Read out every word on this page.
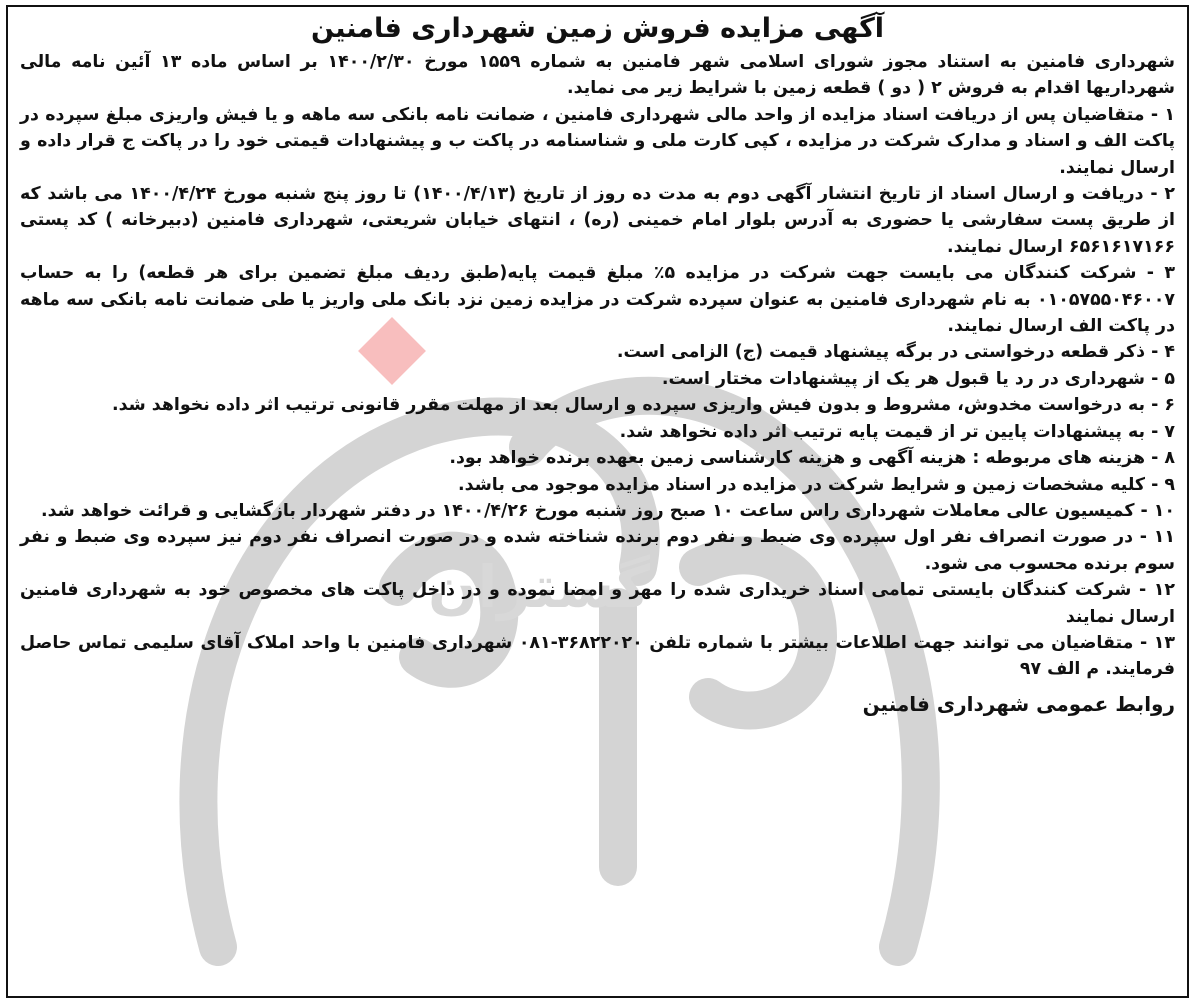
گستران
آگهی مزایده فروش زمین شهرداری فامنین

شهرداری فامنین به استناد مجوز شورای اسلامی شهر فامنین به شماره ۱۵۵۹ مورخ ۱۴۰۰/۲/۳۰ بر اساس ماده ۱۳ آئین نامه مالی شهرداریها اقدام به فروش ۲ ( دو ) قطعه زمین با شرایط زیر می نماید.

۱ - متقاضیان پس از دریافت اسناد مزایده از واحد مالی شهرداری فامنین ، ضمانت نامه بانکی سه ماهه و یا فیش واریزی مبلغ سپرده در پاکت الف و اسناد و مدارک شرکت در مزایده ، کپی کارت ملی و شناسنامه در پاکت ب و پیشنهادات قیمتی خود را در پاکت ج قرار داده و ارسال نمایند.

۲ - دریافت و ارسال اسناد از تاریخ انتشار آگهی دوم به مدت ده روز از تاریخ (۱۴۰۰/۴/۱۳) تا روز پنج شنبه مورخ ۱۴۰۰/۴/۲۴ می باشد که از طریق پست سفارشی یا حضوری به آدرس بلوار امام خمینی (ره) ، انتهای خیابان شریعتی، شهرداری فامنین (دبیرخانه ) کد پستی ۶۵۶۱۶۱۷۱۶۶ ارسال نمایند.

۳ - شرکت کنندگان می بایست جهت شرکت در مزایده ۵٪ مبلغ قیمت پایه(طبق ردیف مبلغ تضمین برای هر قطعه) را به حساب ۰۱۰۵۷۵۵۰۴۶۰۰۷ به نام شهرداری فامنین به عنوان سپرده شرکت در مزایده زمین نزد بانک ملی واریز یا طی ضمانت نامه بانکی سه ماهه در پاکت الف ارسال نمایند.

۴ - ذکر قطعه درخواستی در برگه پیشنهاد قیمت (ج) الزامی است.

۵ - شهرداری در رد یا قبول هر یک از پیشنهادات مختار است.

۶ - به درخواست مخدوش، مشروط و بدون فیش واریزی سپرده و ارسال بعد از مهلت مقرر قانونی ترتیب اثر داده نخواهد شد.

۷ - به پیشنهادات پایین تر از قیمت پایه ترتیب اثر داده نخواهد شد.

۸ - هزینه های مربوطه : هزینه آگهی و هزینه کارشناسی زمین بعهده برنده خواهد بود.

۹ - کلیه مشخصات زمین و شرایط شرکت در مزایده در اسناد مزایده موجود می باشد.

۱۰ - کمیسیون عالی معاملات شهرداری راس ساعت ۱۰ صبح روز شنبه مورخ ۱۴۰۰/۴/۲۶ در دفتر شهردار بازگشایی و قرائت خواهد شد.

۱۱ - در صورت انصراف نفر اول سپرده وی ضبط و نفر دوم برنده شناخته شده و در صورت انصراف نفر دوم نیز سپرده وی ضبط و نفر سوم برنده محسوب می شود.

۱۲ - شرکت کنندگان بایستی تمامی اسناد خریداری شده را مهر و امضا نموده و در داخل پاکت های مخصوص خود به شهرداری فامنین ارسال نمایند

۱۳ - متقاضیان می توانند جهت اطلاعات بیشتر با شماره تلفن ۳۶۸۲۲۰۲۰-۰۸۱ شهرداری فامنین با واحد املاک آقای سلیمی تماس حاصل فرمایند. م الف ۹۷

روابط عمومی شهرداری فامنین
